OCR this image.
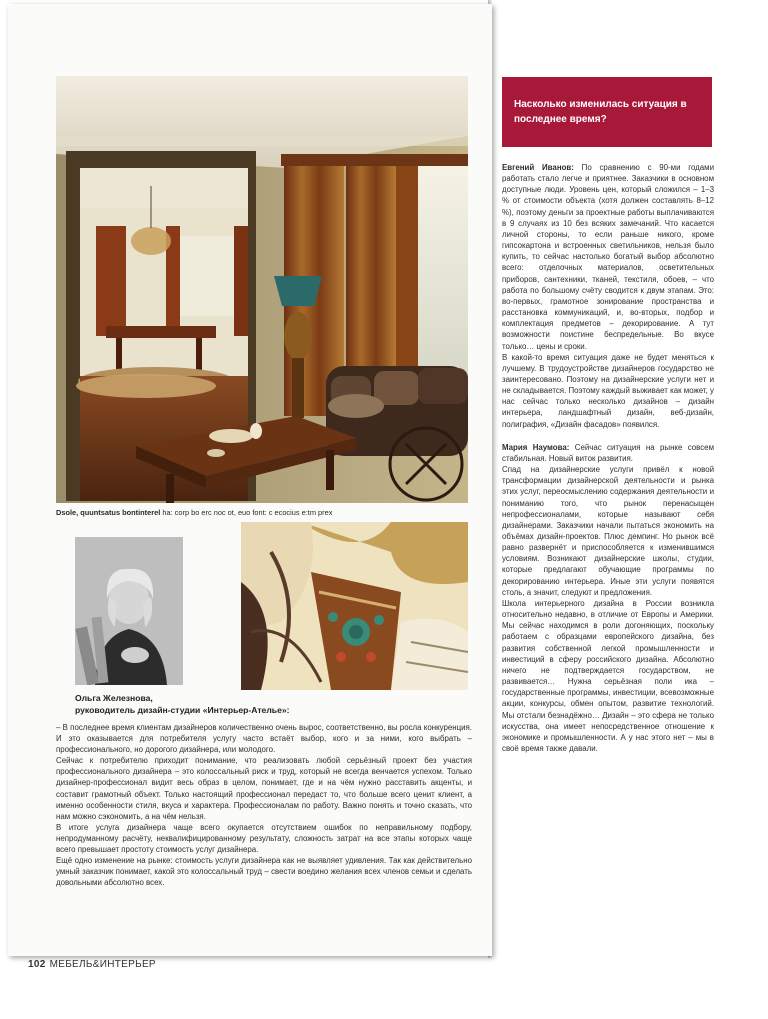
Dsole, quuntsatus bontinterel ha: corp bo erc noc ot, euo font: c ecocius e:tm prex
Ольга Железнова,
руководитель дизайн-студии «Интерьер-Ателье»:

– В последнее время клиентам дизайнеров количественно очень вырос, соответственно, вы росла конкуренция. И это оказывается для потребителя услугу часто встаёт выбор, кого и за ними, кого выбрать – профессионального, но дорогого дизайнера, или молодого.

Сейчас к потребителю приходит понимание, что реализовать любой серьёзный проект без участия профессионального дизайнера – это колоссальный риск и труд, который не всегда венчается успехом. Только дизайнер-профессионал видит весь образ в целом, понимает, где и на чём нужно расставить акценты, и составит грамотный объект. Только настоящий профессионал передаст то, что больше всего ценит клиент, а именно особенности стиля, вкуса и характера. Профессионалам по работу. Важно понять и точно сказать, что нам можно сэкономить, а на чём нельзя.

В итоге услуга дизайнера чаще всего окупается отсутствием ошибок по неправильному подбору, непродуманному расчёту, неквалифицированному результату, сложность затрат на все этапы которых чаще всего превышает простоту стоимость услуг дизайнера.

Ещё одно изменение на рынке: стоимость услуги дизайнера как не выявляет удивления. Так как действительно умный заказчик понимает, какой это колоссальный труд – свести воедино желания всех членов семьи и сделать довольными абсолютно всех.

102 МЕБЕЛЬ&ИНТЕРЬЕР
Насколько изменилась ситуация в последнее время?

Евгений Иванов: По сравнению с 90-ми годами работать стало легче и приятнее. Заказчики в основном доступные люди. Уровень цен, который сложился – 1–3 % от стоимости объекта (хотя должен составлять 8–12 %), поэтому деньги за проектные работы выплачиваются в 9 случаях из 10 без всяких замечаний. Что касается личной стороны, то если раньше никого, кроме гипсокартона и встроенных светильников, нельзя было купить, то сейчас настолько богатый выбор абсолютно всего: отделочных материалов, осветительных приборов, сантехники, тканей, текстиля, обоев, – что работа по большому счёту сводится к двум этапам. Это: во-первых, грамотное зонирование пространства и расстановка коммуникаций, и, во-вторых, подбор и комплектация предметов – декорирование. А тут возможности поистине беспредельные. Во вкусе только… цены и сроки.

В какой-то время ситуация даже не будет меняться к лучшему. В трудоустройстве дизайнеров государство не заинтересовано. Поэтому на дизайнерские услуги нет и не складывается. Поэтому каждый выживает как может, у нас сейчас только несколько дизайнов – дизайн интерьера, ландшафтный дизайн, веб-дизайн, полиграфия, «Дизайн фасадов» появился.

Мария Наумова: Сейчас ситуация на рынке совсем стабильная. Новый виток развития.

Спад на дизайнерские услуги привёл к новой трансформации дизайнерской деятельности и рынка этих услуг, переосмыслению содержания деятельности и пониманию того, что рынок перенасыщен непрофессионалами, которые называют себя дизайнерами. Заказчики начали пытаться экономить на объёмах дизайн-проектов. Плюс демпинг. Но рынок всё равно развернёт и приспособляется к изменившимся условиям. Возникают дизайнерские школы, студии, которые предлагают обучающие программы по декорированию интерьера. Иные эти услуги появятся столь, а значит, следуют и предложения.

Школа интерьерного дизайна в России возникла относительно недавно, в отличие от Европы и Америки. Мы сейчас находимся в роли догоняющих, поскольку работаем с образцами европейского дизайна, без развития собственной легкой промышленности и инвестиций в сферу российского дизайна. Абсолютно ничего не подтверждается государством, не развивается… Нужна серьёзная поли ика – государственные программы, инвестиции, всевозможные акции, конкурсы, обмен опытом, развитие технологий. Мы отстали безнадёжно… Дизайн – это сфера не только искусства, она имеет непосредственное отношение к экономике и промышленности. А у нас этого нет – мы в своё время также давали.
